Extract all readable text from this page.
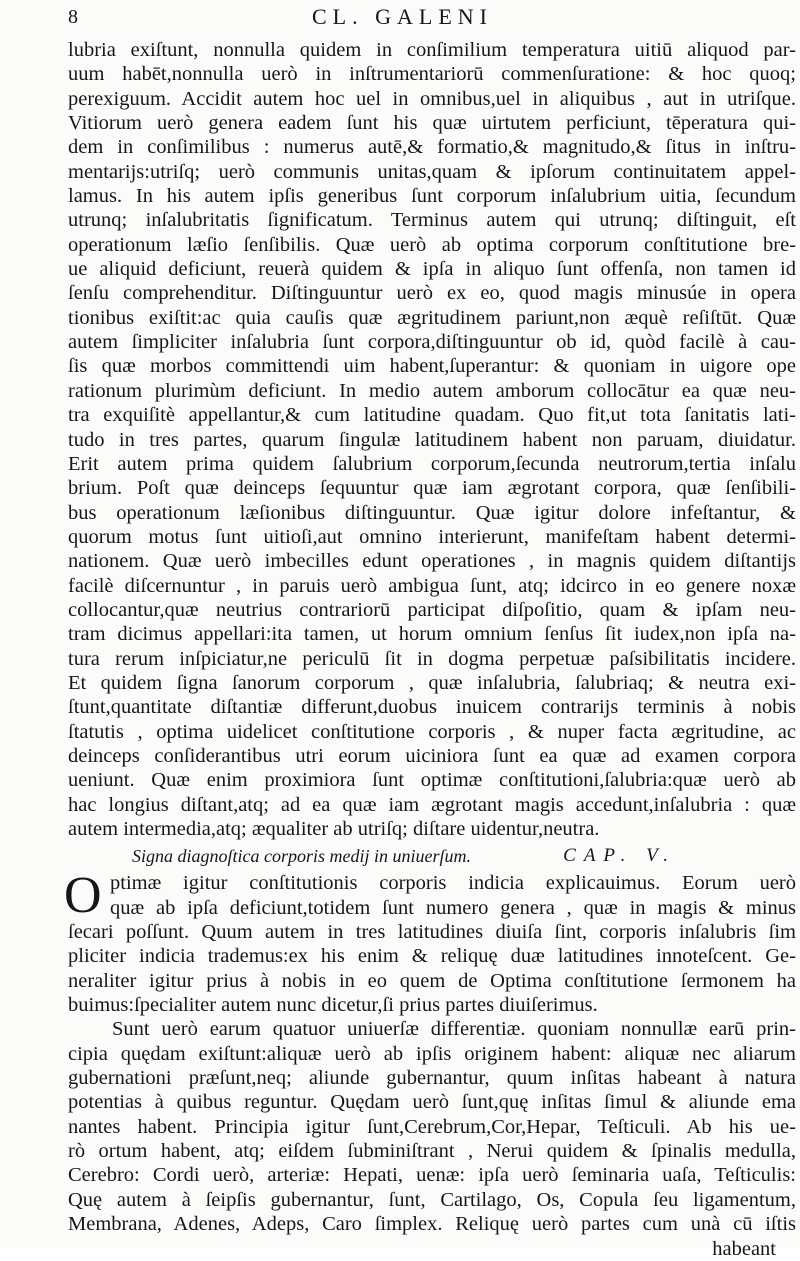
8	CL. GALENI
lubria exiſtunt, nonnulla quidem in conſimilium temperatura uitiū aliquod par-
uum habēt,nonnulla uerò in inſtrumentariorū commenſuratione: & hoc quoq;
perexiguum. Accidit autem hoc uel in omnibus,uel in aliquibus , aut in utriſque.
Vitiorum uerò genera eadem ſunt his quæ uirtutem perficiunt, tēperatura qui-
dem in conſimilibus : numerus autē,& formatio,& magnitudo,& ſitus in inſtru-
mentarijs:utriſq; uerò communis unitas,quam & ipſorum continuitatem appel-
lamus. In his autem ipſis generibus ſunt corporum inſalubrium uitia, ſecundum
utrunq; inſalubritatis ſignificatum. Terminus autem qui utrunq; diſtinguit, eſt
operationum læſio ſenſibilis. Quæ uerò ab optima corporum conſtitutione bre-
ue aliquid deficiunt, reuerà quidem & ipſa in aliquo ſunt offenſa, non tamen id
ſenſu comprehenditur. Diſtinguuntur uerò ex eo, quod magis minusúe in opera
tionibus exiſtit:ac quia cauſis quæ ægritudinem pariunt,non æquè reſiſtūt. Quæ
autem ſimpliciter inſalubria ſunt corpora,diſtinguuntur ob id, quòd facilè à cau-
ſis quæ morbos committendi uim habent,ſuperantur: & quoniam in uigore ope
rationum plurimùm deficiunt. In medio autem amborum collocātur ea quæ neu-
tra exquiſitè appellantur,& cum latitudine quadam. Quo fit,ut tota ſanitatis lati-
tudo in tres partes, quarum ſingulæ latitudinem habent non paruam, diuidatur.
Erit autem prima quidem ſalubrium corporum,ſecunda neutrorum,tertia inſalu
brium. Poſt quæ deinceps ſequuntur quæ iam ægrotant corpora, quæ ſenſibili-
bus operationum læſionibus diſtinguuntur. Quæ igitur dolore infeſtantur, &
quorum motus ſunt uitioſi,aut omnino interierunt, manifeſtam habent determi-
nationem. Quæ uerò imbecilles edunt operationes , in magnis quidem diſtantijs
facilè diſcernuntur , in paruis uerò ambigua ſunt, atq; idcirco in eo genere noxæ
collocantur,quæ neutrius contrariorū participat diſpoſitio, quam & ipſam neu-
tram dicimus appellari:ita tamen, ut horum omnium ſenſus ſit iudex,non ipſa na-
tura rerum inſpiciatur,ne periculū ſit in dogma perpetuæ paſsibilitatis incidere.
Et quidem ſigna ſanorum corporum , quæ inſalubria, ſalubriaq; & neutra exi-
ſtunt,quantitate diſtantiæ differunt,duobus inuicem contrarijs terminis à nobis
ſtatutis , optima uidelicet conſtitutione corporis , & nuper facta ægritudine, ac
deinceps conſiderantibus utri eorum uiciniora ſunt ea quæ ad examen corpora
ueniunt. Quæ enim proximiora ſunt optimæ conſtitutioni,ſalubria:quæ uerò ab
hac longius diſtant,atq; ad ea quæ iam ægrotant magis accedunt,inſalubria : quæ
autem intermedia,atq; æqualiter ab utriſq; diſtare uidentur,neutra.
Signa diagnoſtica corporis medij in uniuerſum.	CAP. V.
O ptimæ igitur conſtitutionis corporis indicia explicauimus. Eorum uerò
quæ ab ipſa deficiunt,totidem ſunt numero genera , quæ in magis & minus
ſecari poſſunt. Quum autem in tres latitudines diuiſa ſint, corporis inſalubris ſim
pliciter indicia trademus:ex his enim & reliquę duæ latitudines innoteſcent. Ge-
neraliter igitur prius à nobis in eo quem de Optima conſtitutione ſermonem ha
buimus:ſpecialiter autem nunc dicetur,ſi prius partes diuiſerimus.
Sunt uerò earum quatuor uniuerſæ differentiæ. quoniam nonnullæ earū prin-
cipia quędam exiſtunt:aliquæ uerò ab ipſis originem habent: aliquæ nec aliarum
gubernationi præſunt,neq; aliunde gubernantur, quum inſitas habeant à natura
potentias à quibus reguntur. Quędam uerò ſunt,quę inſitas ſimul & aliunde ema
nantes habent. Principia igitur ſunt,Cerebrum,Cor,Hepar, Teſticuli. Ab his ue-
rò ortum habent, atq; eiſdem ſubminiſtrant , Nerui quidem & ſpinalis medulla,
Cerebro: Cordi uerò, arteriæ: Hepati, uenæ: ipſa uerò ſeminaria uaſa, Teſticulis:
Quę autem à ſeipſis gubernantur, ſunt, Cartilago, Os, Copula ſeu ligamentum,
Membrana, Adenes, Adeps, Caro ſimplex. Reliquę uerò partes cum unà cū iſtis
habeant
